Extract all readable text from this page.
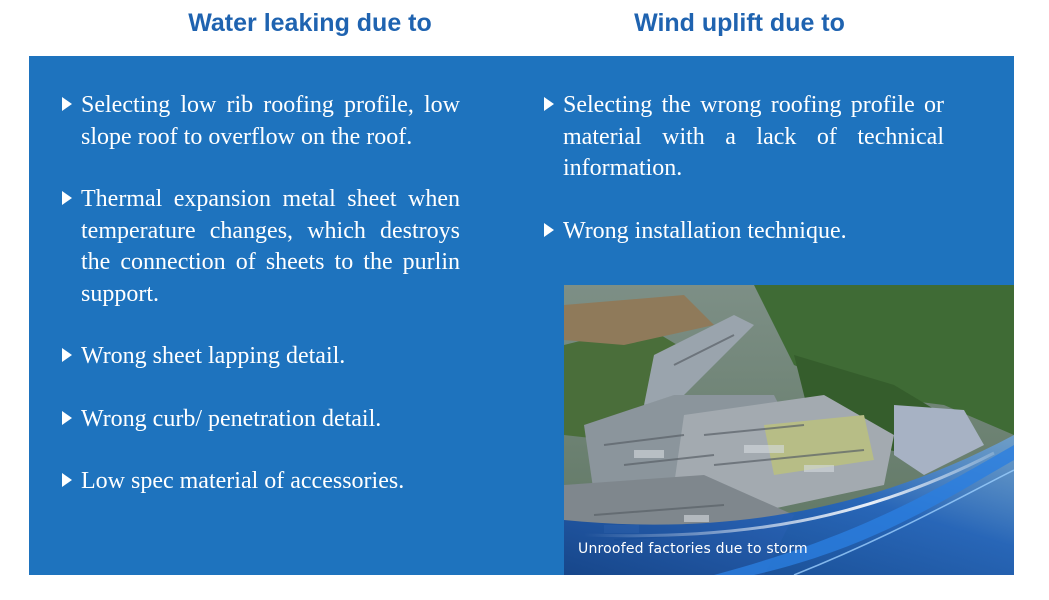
Water leaking due to	Wind uplift due to
Selecting low rib roofing profile, low slope roof to overflow on the roof.
Thermal expansion metal sheet when temperature changes, which destroys the connection of sheets to the purlin support.
Wrong sheet lapping detail.
Wrong curb/ penetration detail.
Low spec material of accessories.
Selecting the wrong roofing profile or material with a lack of technical information.
Wrong installation technique.
Unroofed factories due to storm
